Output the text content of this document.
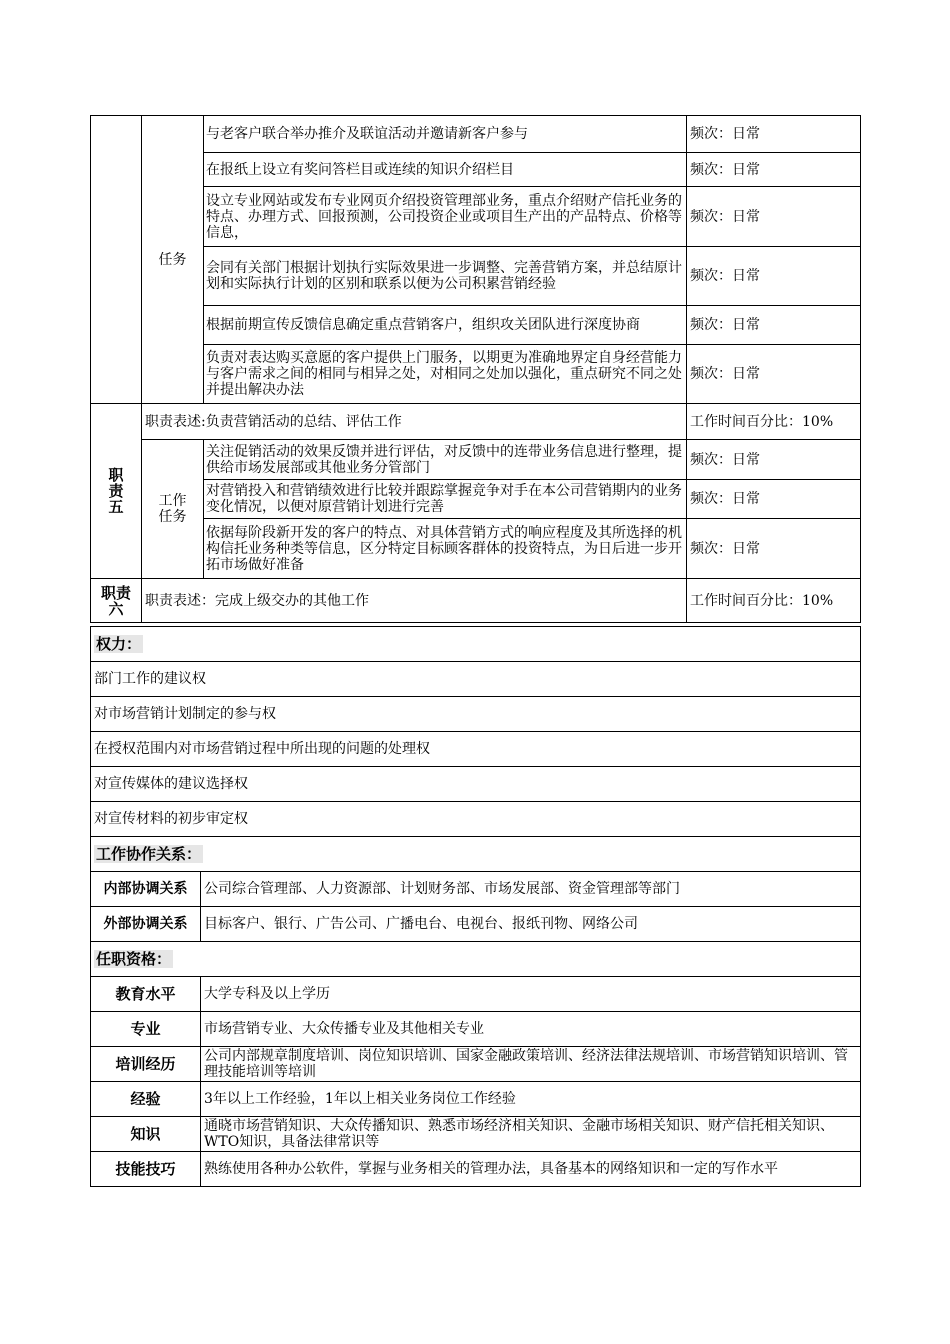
	任务	与老客户联合举办推介及联谊活动并邀请新客户参与	频次：日常
		在报纸上设立有奖问答栏目或连续的知识介绍栏目	频次：日常
		设立专业网站或发布专业网页介绍投资管理部业务，重点介绍财产信托业务的特点、办理方式、回报预测，公司投资企业或项目生产出的产品特点、价格等信息，	频次：日常
		会同有关部门根据计划执行实际效果进一步调整、完善营销方案，并总结原计划和实际执行计划的区别和联系以便为公司积累营销经验	频次：日常
		根据前期宣传反馈信息确定重点营销客户，组织攻关团队进行深度协商	频次：日常
		负责对表达购买意愿的客户提供上门服务，以期更为准确地界定自身经营能力与客户需求之间的相同与相异之处，对相同之处加以强化，重点研究不同之处并提出解决办法	频次：日常
职责五	职责表述:负责营销活动的总结、评估工作		工作时间百分比：10%
	工作任务	关注促销活动的效果反馈并进行评估，对反馈中的连带业务信息进行整理，提供给市场发展部或其他业务分管部门	频次：日常
		对营销投入和营销绩效进行比较并跟踪掌握竞争对手在本公司营销期内的业务变化情况，以便对原营销计划进行完善	频次：日常
		依据每阶段新开发的客户的特点、对具体营销方式的响应程度及其所选择的机构信托业务种类等信息，区分特定目标顾客群体的投资特点，为日后进一步开拓市场做好准备	频次：日常
职责六	职责表述：完成上级交办的其他工作		工作时间百分比：10%
权力：	
部门工作的建议权	
对市场营销计划制定的参与权	
在授权范围内对市场营销过程中所出现的问题的处理权	
对宣传媒体的建议选择权	
对宣传材料的初步审定权	
工作协作关系：	
内部协调关系	公司综合管理部、人力资源部、计划财务部、市场发展部、资金管理部等部门
外部协调关系	目标客户、银行、广告公司、广播电台、电视台、报纸刊物、网络公司
任职资格：	
教育水平	大学专科及以上学历
专业	市场营销专业、大众传播专业及其他相关专业
培训经历	公司内部规章制度培训、岗位知识培训、国家金融政策培训、经济法律法规培训、市场营销知识培训、管理技能培训等培训
经验	3年以上工作经验，1年以上相关业务岗位工作经验
知识	通晓市场营销知识、大众传播知识、熟悉市场经济相关知识、金融市场相关知识、财产信托相关知识、WTO知识，具备法律常识等
技能技巧	熟练使用各种办公软件，掌握与业务相关的管理办法，具备基本的网络知识和一定的写作水平
